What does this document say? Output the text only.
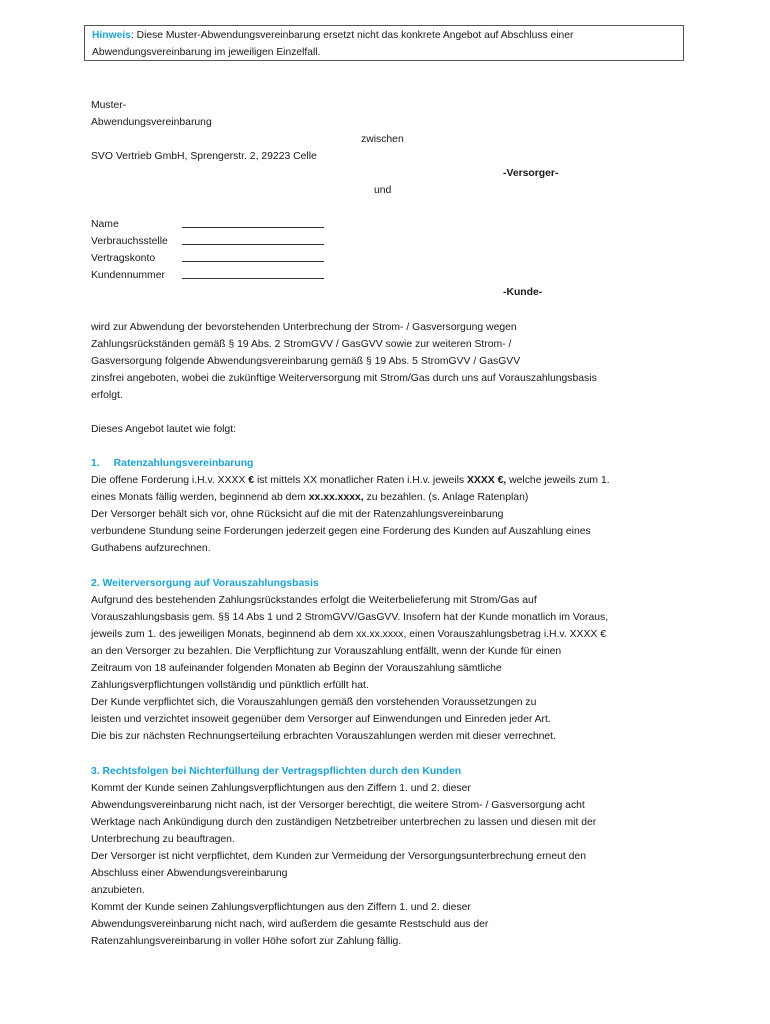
Hinweis: Diese Muster-Abwendungsvereinbarung ersetzt nicht das konkrete Angebot auf Abschluss einer
Abwendungsvereinbarung im jeweiligen Einzelfall.
Muster-
Abwendungsvereinbarung
zwischen
SVO Vertrieb GmbH, Sprengerstr. 2, 29223 Celle
-Versorger-
und
Name
Verbrauchsstelle
Vertragskonto
Kundennummer
-Kunde-
wird zur Abwendung der bevorstehenden Unterbrechung der Strom- / Gasversorgung wegen
Zahlungsrückständen gemäß § 19 Abs. 2 StromGVV / GasGVV sowie zur weiteren Strom- /
Gasversorgung folgende Abwendungsvereinbarung gemäß § 19 Abs. 5 StromGVV / GasGVV
zinsfrei angeboten, wobei die zukünftige Weiterversorgung mit Strom/Gas durch uns auf Vorauszahlungsbasis
erfolgt.
Dieses Angebot lautet wie folgt:
1. Ratenzahlungsvereinbarung
Die offene Forderung i.H.v. XXXX € ist mittels XX monatlicher Raten i.H.v. jeweils XXXX €, welche jeweils zum 1.
eines Monats fällig werden, beginnend ab dem xx.xx.xxxx, zu bezahlen. (s. Anlage Ratenplan)
Der Versorger behält sich vor, ohne Rücksicht auf die mit der Ratenzahlungsvereinbarung
verbundene Stundung seine Forderungen jederzeit gegen eine Forderung des Kunden auf Auszahlung eines
Guthabens aufzurechnen.
2. Weiterversorgung auf Vorauszahlungsbasis
Aufgrund des bestehenden Zahlungsrückstandes erfolgt die Weiterbelieferung mit Strom/Gas auf
Vorauszahlungsbasis gem. §§ 14 Abs 1 und 2 StromGVV/GasGVV. Insofern hat der Kunde monatlich im Voraus,
jeweils zum 1. des jeweiligen Monats, beginnend ab dem xx.xx.xxxx, einen Vorauszahlungsbetrag i.H.v. XXXX €
an den Versorger zu bezahlen. Die Verpflichtung zur Vorauszahlung entfällt, wenn der Kunde für einen
Zeitraum von 18 aufeinander folgenden Monaten ab Beginn der Vorauszahlung sämtliche
Zahlungsverpflichtungen vollständig und pünktlich erfüllt hat.
Der Kunde verpflichtet sich, die Vorauszahlungen gemäß den vorstehenden Voraussetzungen zu
leisten und verzichtet insoweit gegenüber dem Versorger auf Einwendungen und Einreden jeder Art.
Die bis zur nächsten Rechnungserteilung erbrachten Vorauszahlungen werden mit dieser verrechnet.
3. Rechtsfolgen bei Nichterfüllung der Vertragspflichten durch den Kunden
Kommt der Kunde seinen Zahlungsverpflichtungen aus den Ziffern 1. und 2. dieser
Abwendungsvereinbarung nicht nach, ist der Versorger berechtigt, die weitere Strom- / Gasversorgung acht
Werktage nach Ankündigung durch den zuständigen Netzbetreiber unterbrechen zu lassen und diesen mit der
Unterbrechung zu beauftragen.
Der Versorger ist nicht verpflichtet, dem Kunden zur Vermeidung der Versorgungsunterbrechung erneut den
Abschluss einer Abwendungsvereinbarung
anzubieten.
Kommt der Kunde seinen Zahlungsverpflichtungen aus den Ziffern 1. und 2. dieser
Abwendungsvereinbarung nicht nach, wird außerdem die gesamte Restschuld aus der
Ratenzahlungsvereinbarung in voller Höhe sofort zur Zahlung fällig.
